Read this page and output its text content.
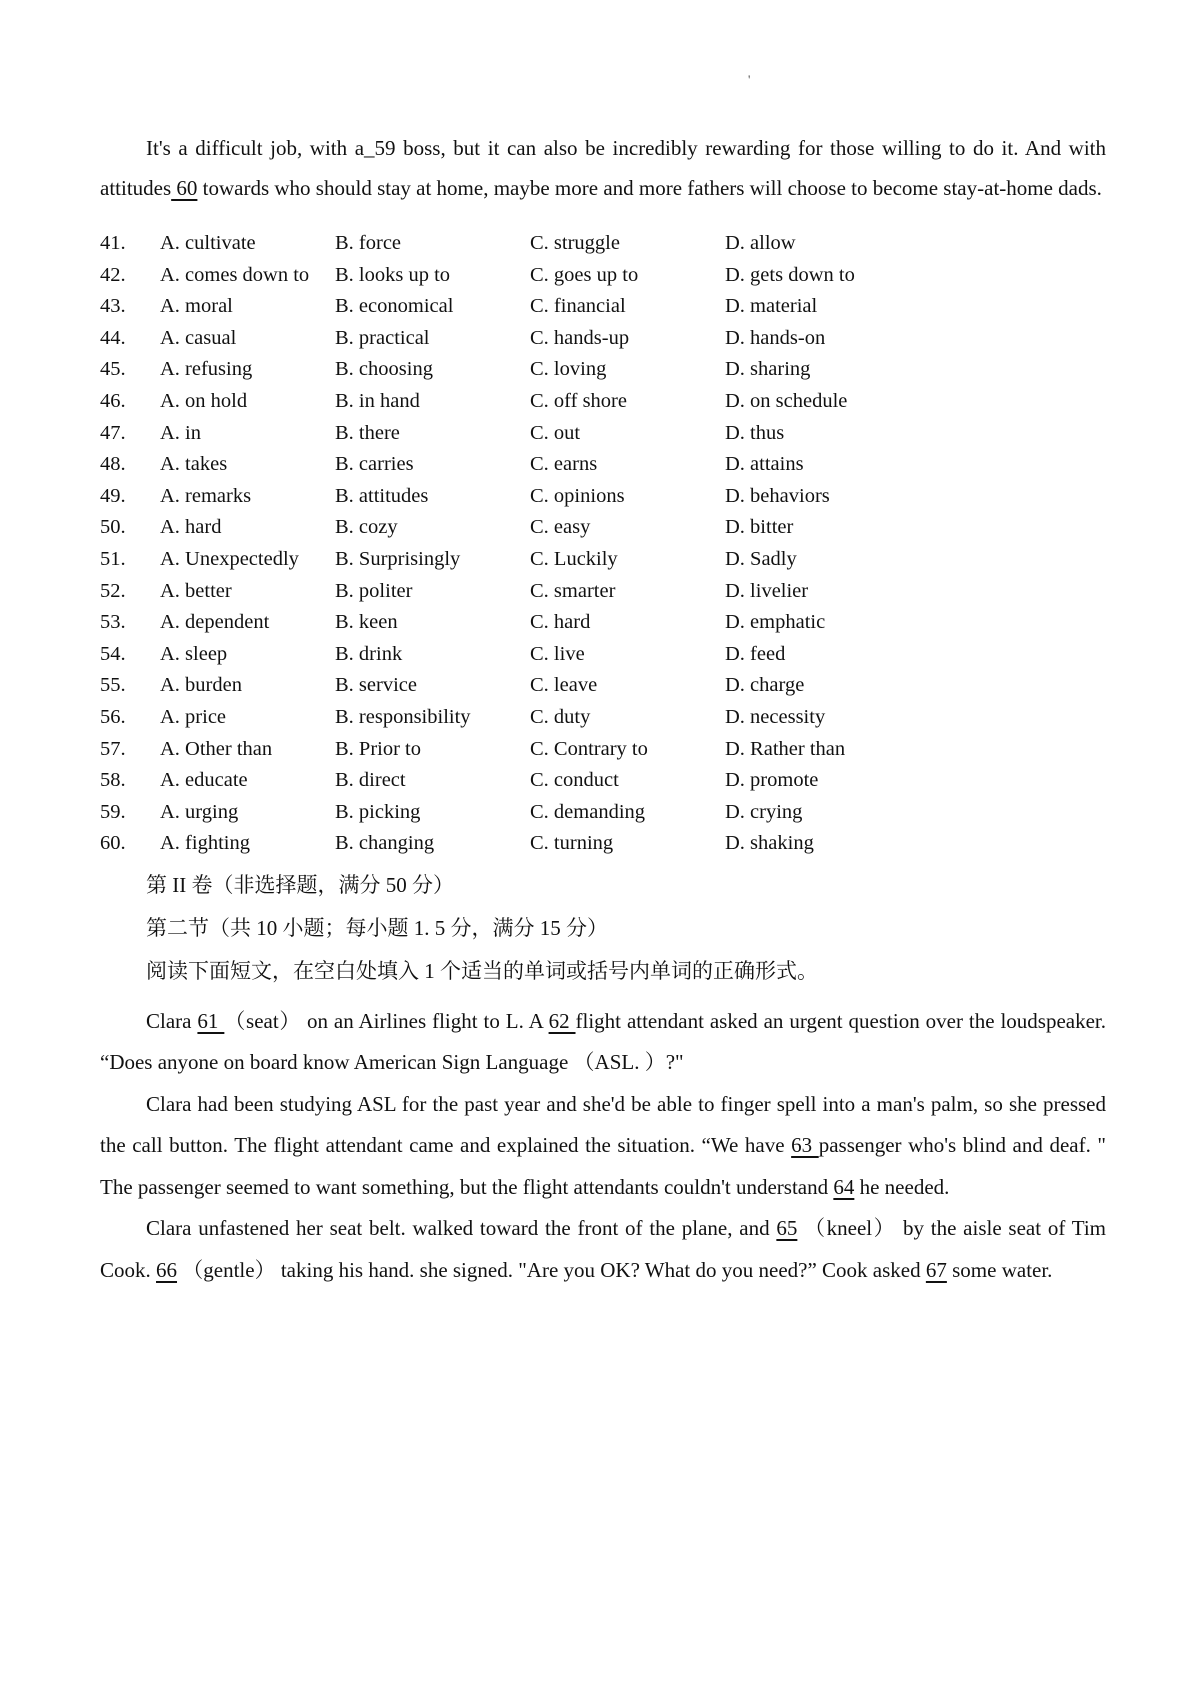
'

It's a difficult job, with a_59 boss, but it can also be incredibly rewarding for those willing to do it. And with attitudes 60 towards who should stay at home, maybe more and more fathers will choose to become stay-at-home dads.

41.	A. cultivate	B. force	C. struggle	D. allow
42.	A. comes down to	B. looks up to	C. goes up to	D. gets down to
43.	A. moral	B. economical	C. financial	D. material
44.	A. casual	B. practical	C. hands-up	D. hands-on
45.	A. refusing	B. choosing	C. loving	D. sharing
46.	A. on hold	B. in hand	C. off shore	D. on schedule
47.	A. in	B. there	C. out	D. thus
48.	A. takes	B. carries	C. earns	D. attains
49.	A. remarks	B. attitudes	C. opinions	D. behaviors
50.	A. hard	B. cozy	C. easy	D. bitter
51.	A. Unexpectedly	B. Surprisingly	C. Luckily	D. Sadly
52.	A. better	B. politer	C. smarter	D. livelier
53.	A. dependent	B. keen	C. hard	D. emphatic
54.	A. sleep	B. drink	C. live	D. feed
55.	A. burden	B. service	C. leave	D. charge
56.	A. price	B. responsibility	C. duty	D. necessity
57.	A. Other than	B. Prior to	C. Contrary to	D. Rather than
58.	A. educate	B. direct	C. conduct	D. promote
59.	A. urging	B. picking	C. demanding	D. crying
60.	A. fighting	B. changing	C. turning	D. shaking

第 II 卷（非选择题，满分 50 分）

第二节（共 10 小题；每小题 1. 5 分，满分 15 分）

阅读下面短文，在空白处填入 1 个适当的单词或括号内单词的正确形式。

Clara 61 （seat） on an Airlines flight to L. A 62 flight attendant asked an urgent question over the loudspeaker. “Does anyone on board know American Sign Language （ASL. ）?"

Clara had been studying ASL for the past year and she'd be able to finger spell into a man's palm, so she pressed the call button. The flight attendant came and explained the situation. “We have 63 passenger who's blind and deaf. " The passenger seemed to want something, but the flight attendants couldn't understand 64 he needed.

Clara unfastened her seat belt. walked toward the front of the plane, and 65 （kneel） by the aisle seat of Tim Cook. 66 （gentle） taking his hand. she signed. "Are you OK? What do you need?” Cook asked 67 some water.
